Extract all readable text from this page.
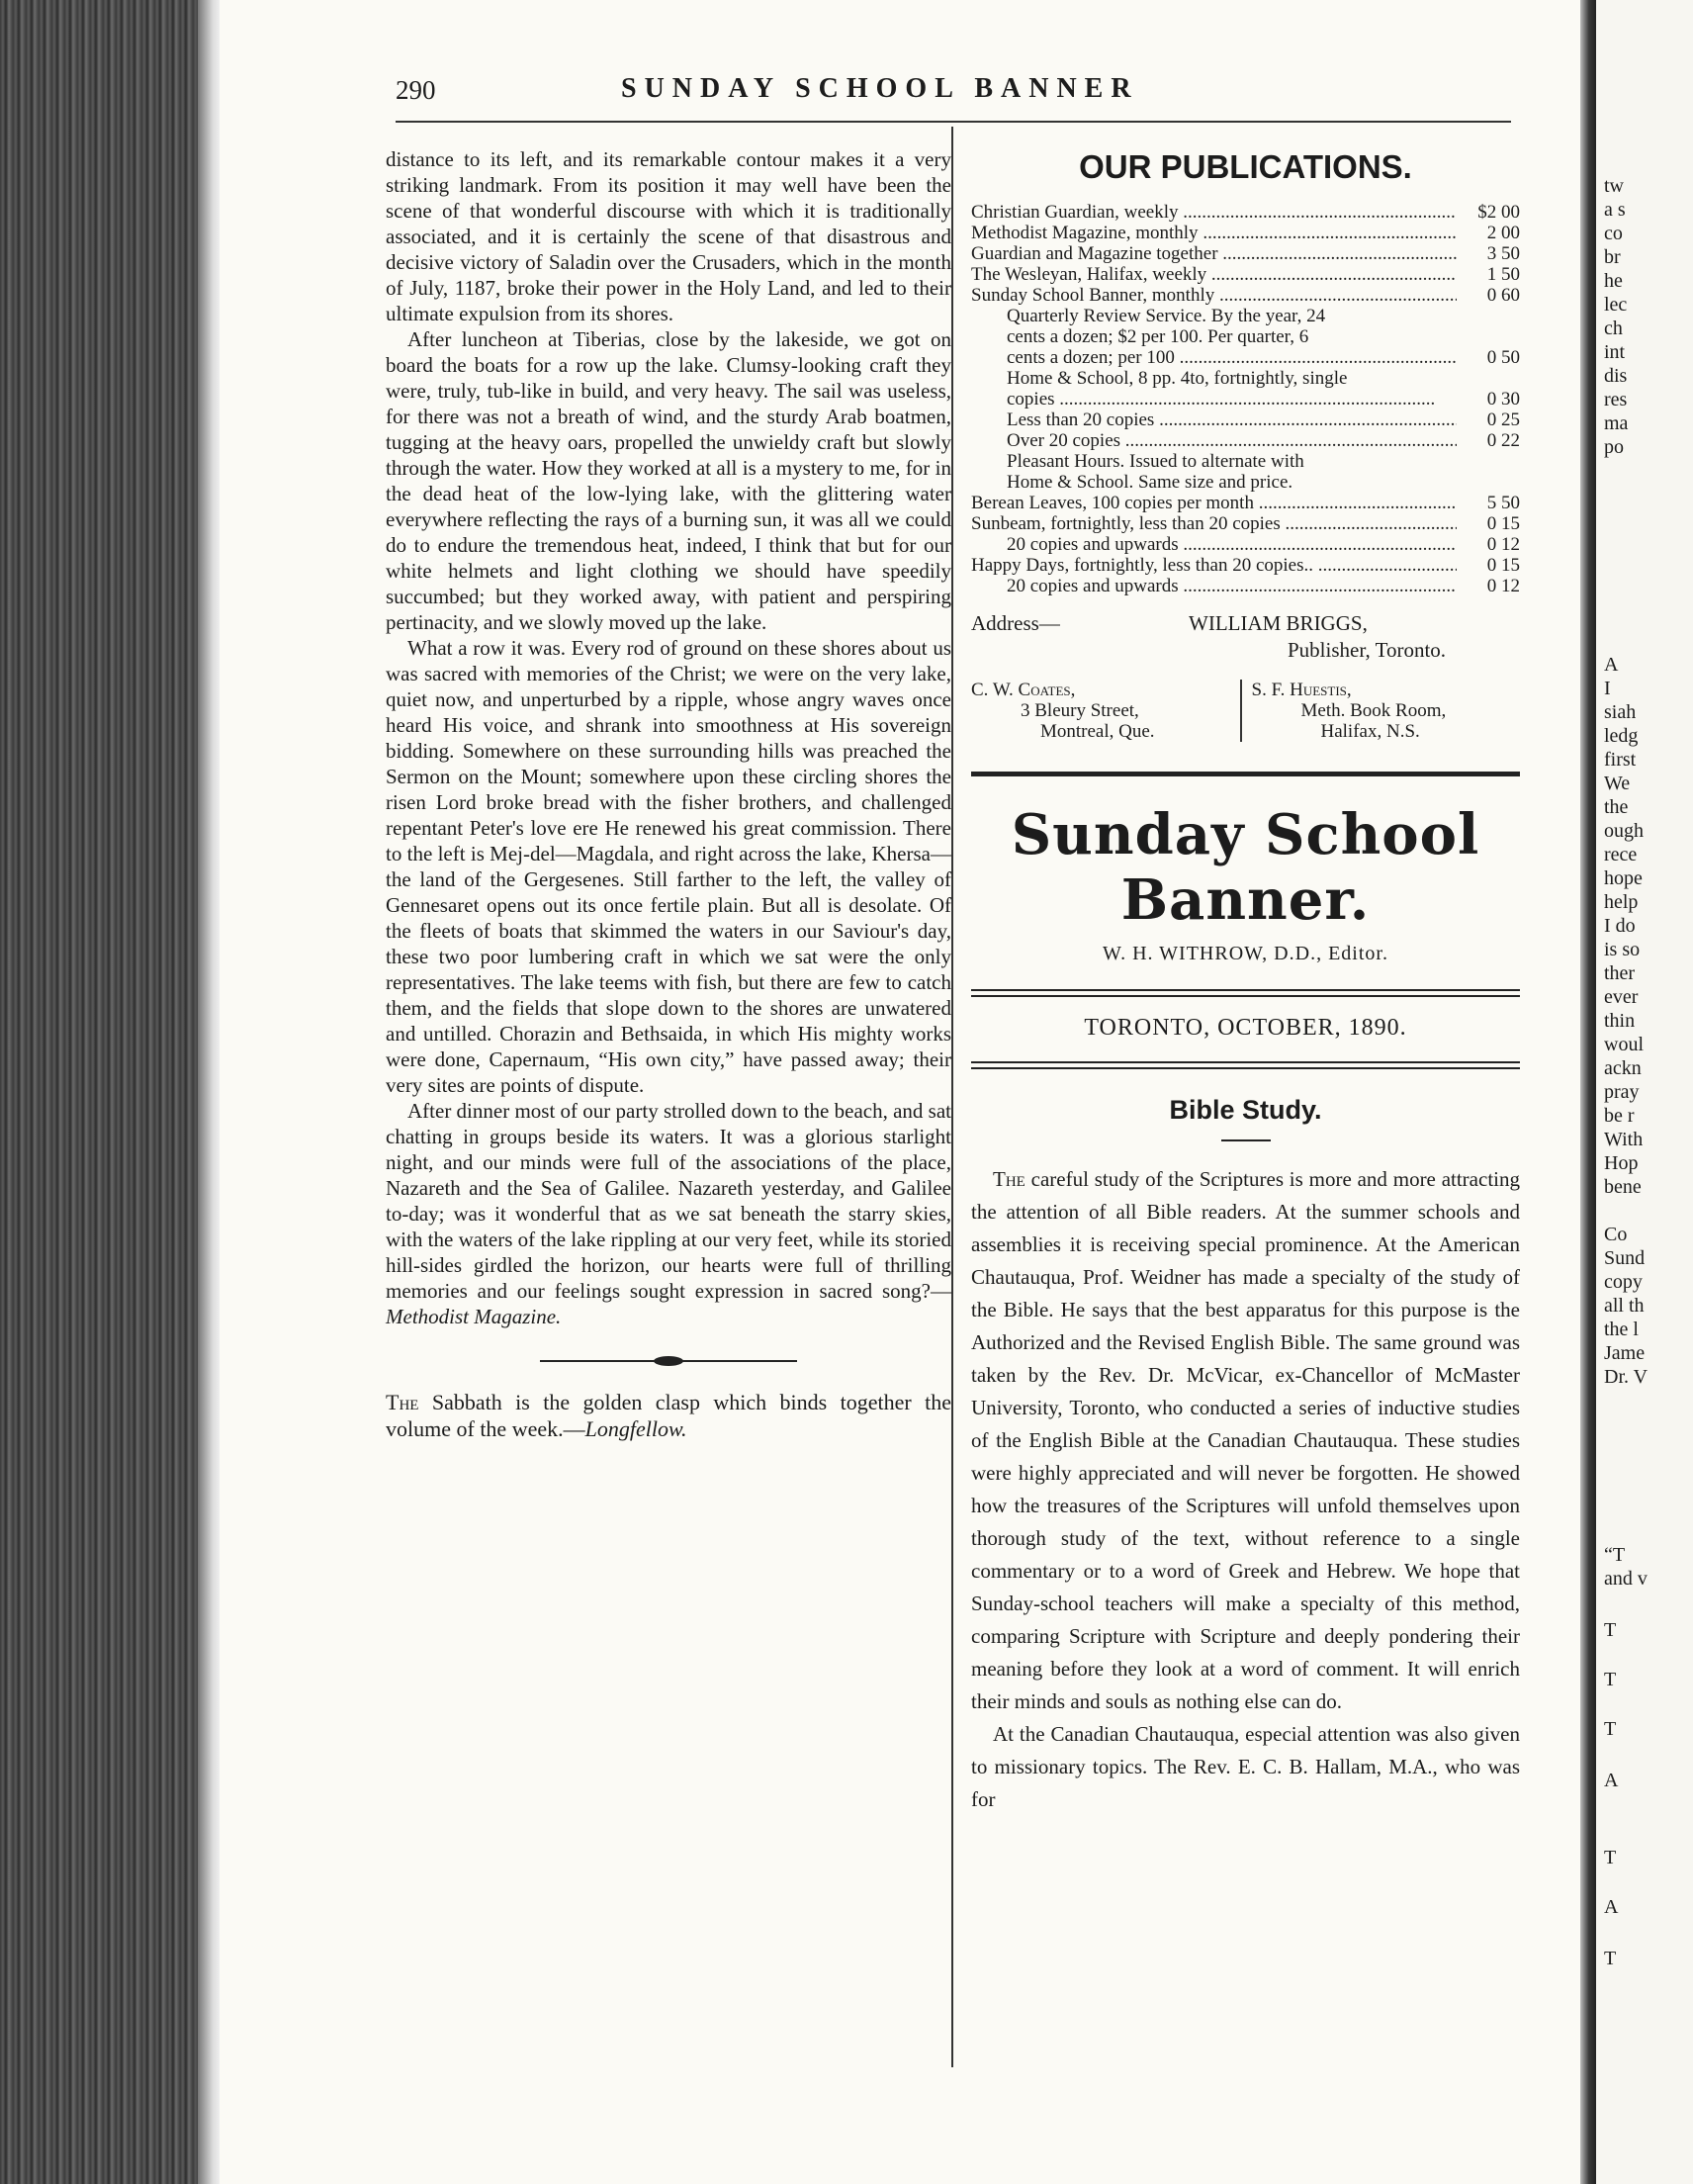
tw
a s
co
br
he
lec
ch
int
dis
res
ma
po
A
I
siah
ledg
first
We
the
ough
rece
hope
help
I do
is so
ther
ever
thin
woul
ackn
pray
be r
With
Hop
bene
Co
Sund
copy
all th
the l
Jame
Dr. V
“T
and v
T
T
T
A
T
A
T
290	SUNDAY SCHOOL BANNER

distance to its left, and its remarkable contour makes it a very striking landmark. From its position it may well have been the scene of that wonderful discourse with which it is traditionally associated, and it is certainly the scene of that disastrous and decisive victory of Saladin over the Crusaders, which in the month of July, 1187, broke their power in the Holy Land, and led to their ultimate expulsion from its shores.

After luncheon at Tiberias, close by the lakeside, we got on board the boats for a row up the lake. Clumsy-looking craft they were, truly, tub-like in build, and very heavy. The sail was useless, for there was not a breath of wind, and the sturdy Arab boatmen, tugging at the heavy oars, propelled the unwieldy craft but slowly through the water. How they worked at all is a mystery to me, for in the dead heat of the low-lying lake, with the glittering water everywhere reflecting the rays of a burning sun, it was all we could do to endure the tremendous heat, indeed, I think that but for our white helmets and light clothing we should have speedily succumbed; but they worked away, with patient and perspiring pertinacity, and we slowly moved up the lake.

What a row it was. Every rod of ground on these shores about us was sacred with memories of the Christ; we were on the very lake, quiet now, and unperturbed by a ripple, whose angry waves once heard His voice, and shrank into smoothness at His sovereign bidding. Somewhere on these surrounding hills was preached the Sermon on the Mount; somewhere upon these circling shores the risen Lord broke bread with the fisher brothers, and challenged repentant Peter's love ere He renewed his great commission. There to the left is Mej-del—Magdala, and right across the lake, Khersa—the land of the Gergesenes. Still farther to the left, the valley of Gennesaret opens out its once fertile plain. But all is desolate. Of the fleets of boats that skimmed the waters in our Saviour's day, these two poor lumbering craft in which we sat were the only representatives. The lake teems with fish, but there are few to catch them, and the fields that slope down to the shores are unwatered and untilled. Chorazin and Bethsaida, in which His mighty works were done, Capernaum, “His own city,” have passed away; their very sites are points of dispute.

After dinner most of our party strolled down to the beach, and sat chatting in groups beside its waters. It was a glorious starlight night, and our minds were full of the associations of the place, Nazareth and the Sea of Galilee. Nazareth yesterday, and Galilee to-day; was it wonderful that as we sat beneath the starry skies, with the waters of the lake rippling at our very feet, while its storied hill-sides girdled the horizon, our hearts were full of thrilling memories and our feelings sought expression in sacred song?—Methodist Magazine.

The Sabbath is the golden clasp which binds together the volume of the week.—Longfellow.

OUR PUBLICATIONS.
Christian Guardian, weekly .....	$2 00
Methodist Magazine, monthly .....	2 00
Guardian and Magazine together .....	3 50
The Wesleyan, Halifax, weekly .....	1 50
Sunday School Banner, monthly .....	0 60
Quarterly Review Service. By the year, 24
cents a dozen; $2 per 100. Per quarter, 6
cents a dozen; per 100 .....	0 50
Home & School, 8 pp. 4to, fortnightly, single
copies .....	0 30
Less than 20 copies .....	0 25
Over 20 copies .....	0 22
Pleasant Hours. Issued to alternate with
Home & School. Same size and price.
Berean Leaves, 100 copies per month .....	5 50
Sunbeam, fortnightly, less than 20 copies .....	0 15
20 copies and upwards .....	0 12
Happy Days, fortnightly, less than 20 copies.. .....	0 15
20 copies and upwards .....	0 12
Address—	WILLIAM BRIGGS,
Publisher, Toronto.
C. W. Coates,
3 Bleury Street,
Montreal, Que.
S. F. Huestis,
Meth. Book Room,
Halifax, N.S.
Sunday School Banner.
W. H. WITHROW, D.D., Editor.
TORONTO, OCTOBER, 1890.
Bible Study.

The careful study of the Scriptures is more and more attracting the attention of all Bible readers. At the summer schools and assemblies it is receiving special prominence. At the American Chautauqua, Prof. Weidner has made a specialty of the study of the Bible. He says that the best apparatus for this purpose is the Authorized and the Revised English Bible. The same ground was taken by the Rev. Dr. McVicar, ex-Chancellor of McMaster University, Toronto, who conducted a series of inductive studies of the English Bible at the Canadian Chautauqua. These studies were highly appreciated and will never be forgotten. He showed how the treasures of the Scriptures will unfold themselves upon thorough study of the text, without reference to a single commentary or to a word of Greek and Hebrew. We hope that Sunday-school teachers will make a specialty of this method, comparing Scripture with Scripture and deeply pondering their meaning before they look at a word of comment. It will enrich their minds and souls as nothing else can do.

At the Canadian Chautauqua, especial attention was also given to missionary topics. The Rev. E. C. B. Hallam, M.A., who was for
